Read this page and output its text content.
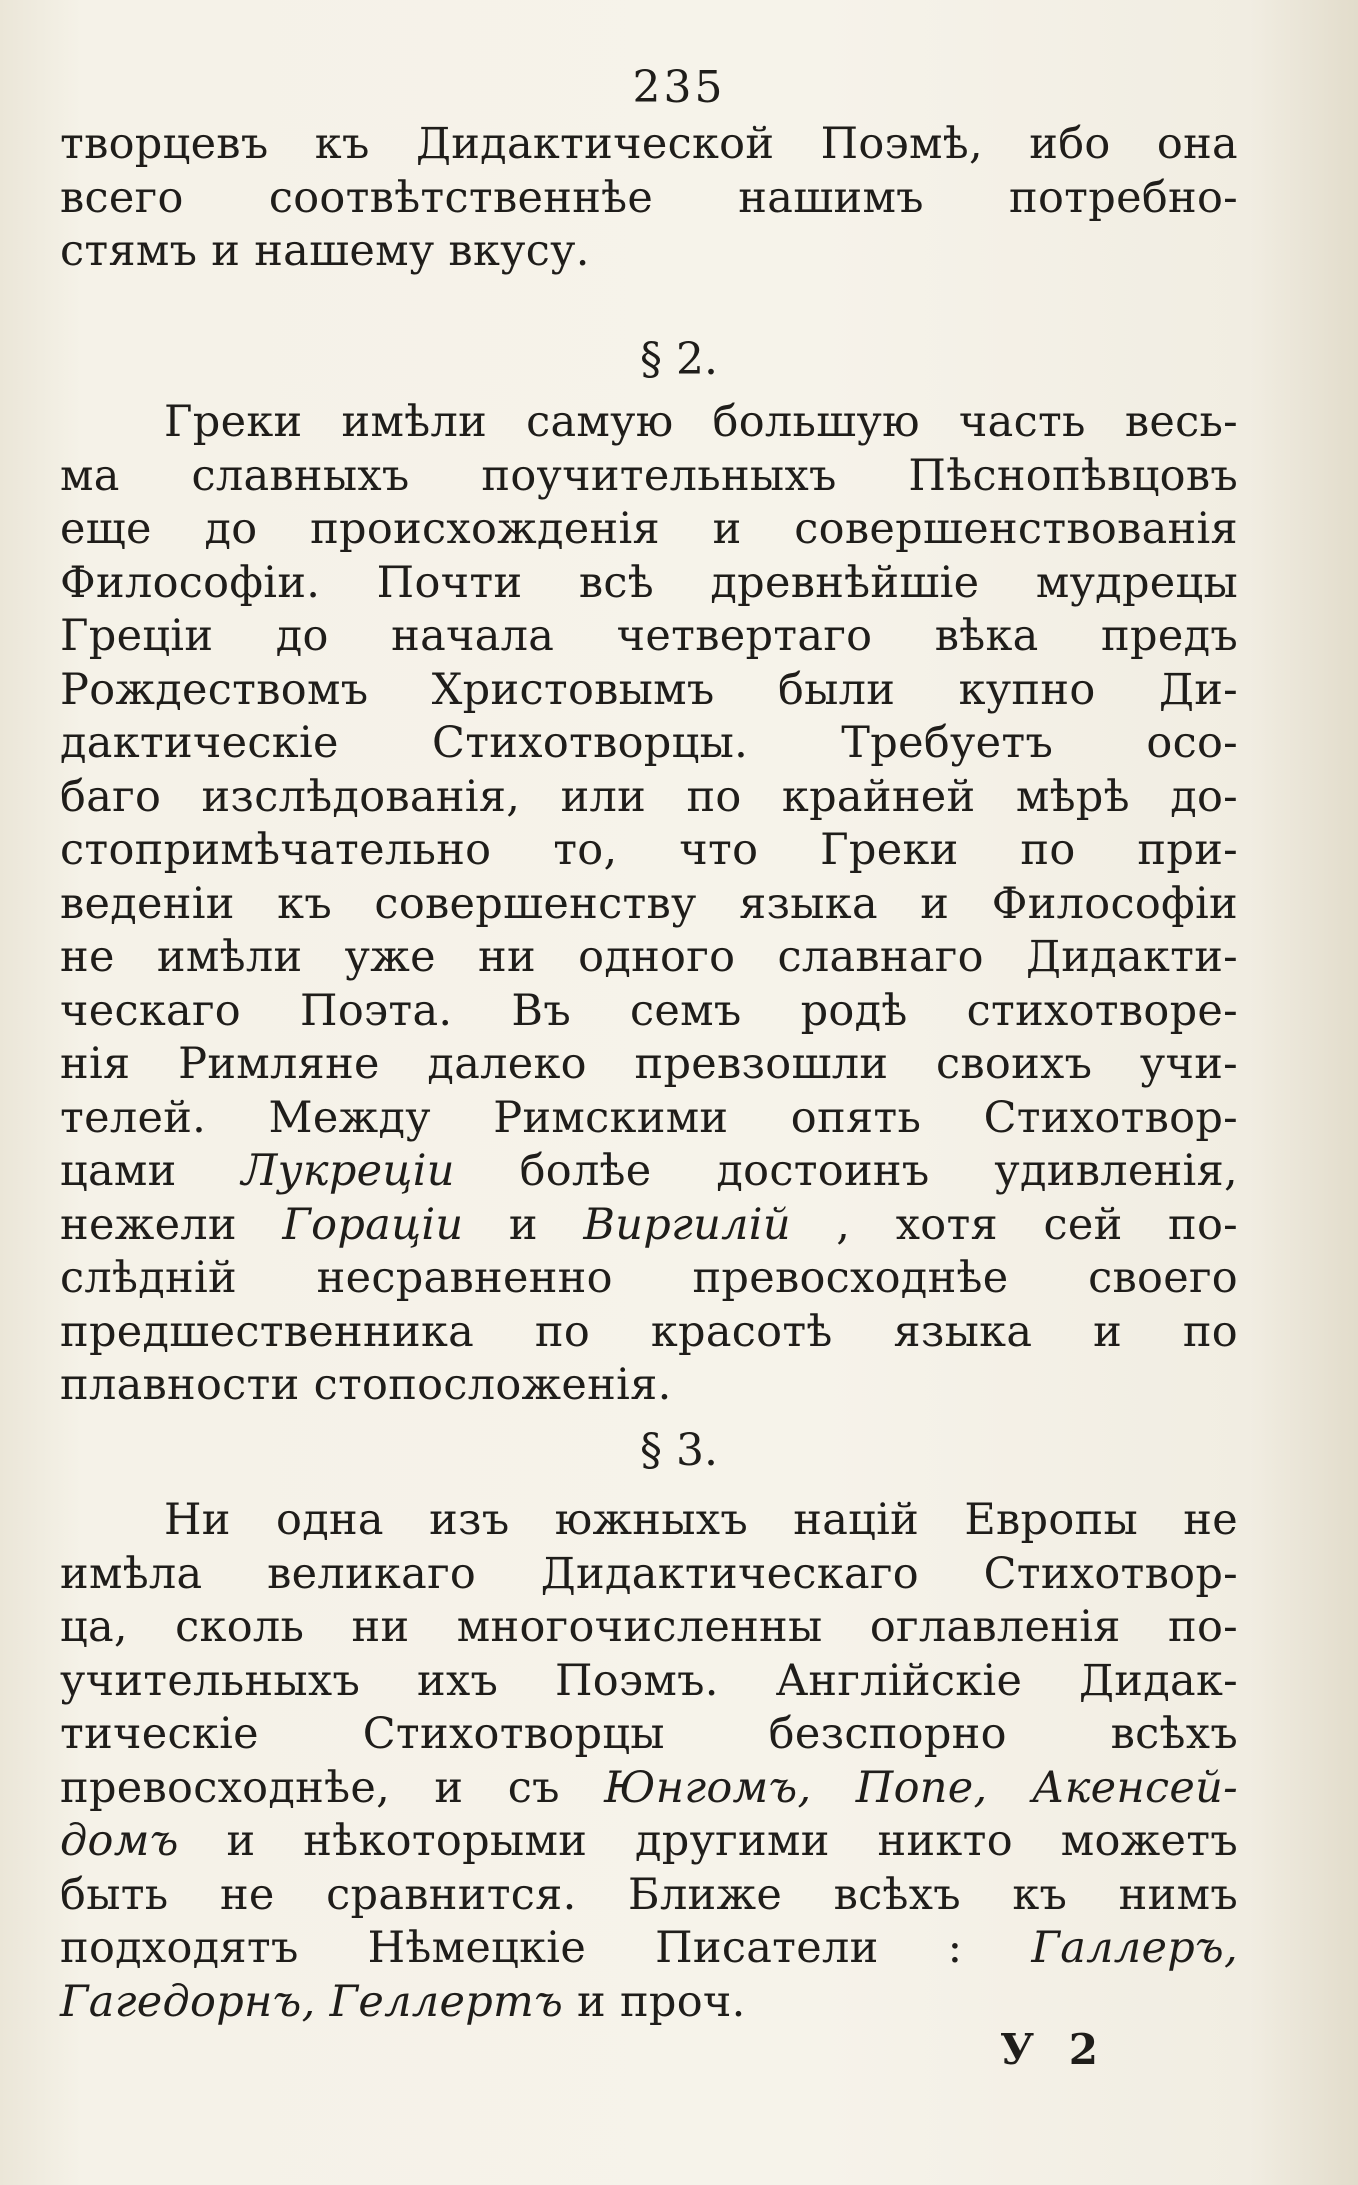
235
творцевъ къ Дидактической Поэмѣ, ибо она
всего соотвѣтственнѣе нашимъ потребно-
стямъ и нашему вкусу.
§ 2.
Греки имѣли самую большую часть весь-
ма славныхъ поучительныхъ Пѣснопѣвцовъ
еще до происхожденія и совершенствованія
Философіи. Почти всѣ древнѣйшіе мудрецы
Греціи до начала четвертаго вѣка предъ
Рождествомъ Христовымъ были купно Ди-
дактическіе Стихотворцы. Требуетъ осо-
баго изслѣдованія, или по крайней мѣрѣ до-
стопримѣчательно то, что Греки по при-
веденіи къ совершенству языка и Философіи
не имѣли уже ни одного славнаго Дидакти-
ческаго Поэта. Въ семъ родѣ стихотворе-
нія Римляне далеко превзошли своихъ учи-
телей. Между Римскими опять Стихотвор-
цами Лукреціи болѣе достоинъ удивленія,
нежели Гораціи и Виргилій , хотя сей по-
слѣдній несравненно превосходнѣе своего
предшественника по красотѣ языка и по
плавности стопосложенія.
§ 3.
Ни одна изъ южныхъ націй Европы не
имѣла великаго Дидактическаго Стихотвор-
ца, сколь ни многочисленны оглавленія по-
учительныхъ ихъ Поэмъ. Англійскіе Дидак-
тическіе Стихотворцы безспорно всѣхъ
превосходнѣе, и съ Юнгомъ, Попе, Акенсей-
домъ и нѣкоторыми другими никто можетъ
быть не сравнится. Ближе всѣхъ къ нимъ
подходятъ Нѣмецкіе Писатели : Галлеръ,
Гагедорнъ, Геллертъ и проч.
У 2
